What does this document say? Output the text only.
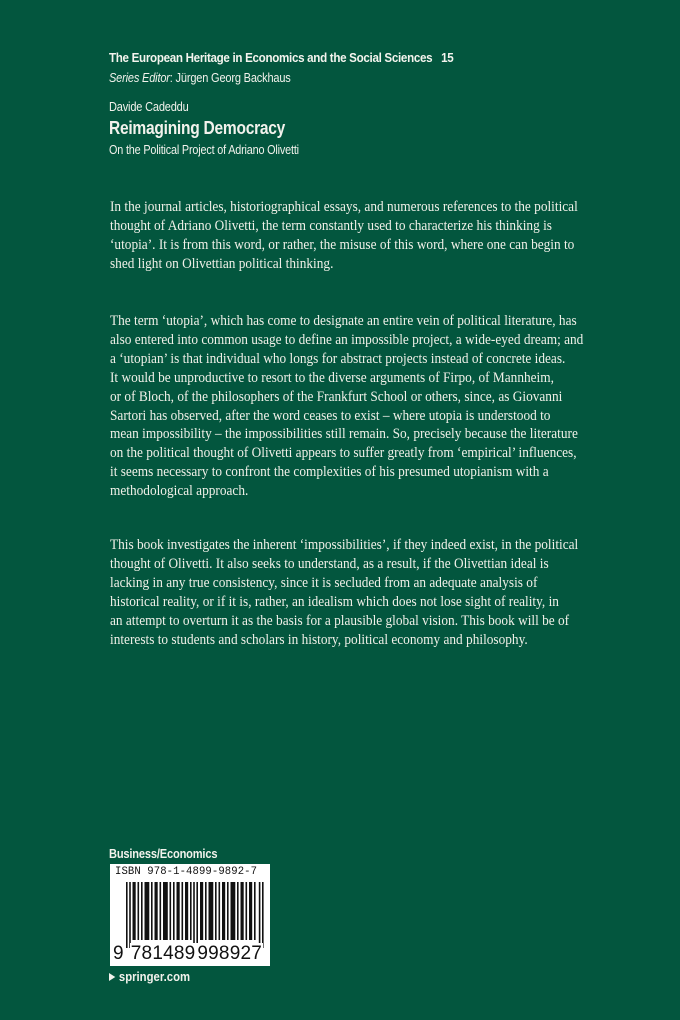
The European Heritage in Economics and the Social Sciences 15
Series Editor: Jürgen Georg Backhaus
Davide Cadeddu
Reimagining Democracy
On the Political Project of Adriano Olivetti

In the journal articles, historiographical essays, and numerous references to the political
thought of Adriano Olivetti, the term constantly used to characterize his thinking is
‘utopia’. It is from this word, or rather, the misuse of this word, where one can begin to
shed light on Olivettian political thinking.

The term ‘utopia’, which has come to designate an entire vein of political literature, has
also entered into common usage to define an impossible project, a wide-eyed dream; and
a ‘utopian’ is that individual who longs for abstract projects instead of concrete ideas.
It would be unproductive to resort to the diverse arguments of Firpo, of Mannheim,
or of Bloch, of the philosophers of the Frankfurt School or others, since, as Giovanni
Sartori has observed, after the word ceases to exist – where utopia is understood to
mean impossibility – the impossibilities still remain. So, precisely because the literature
on the political thought of Olivetti appears to suffer greatly from ‘empirical’ influences,
it seems necessary to confront the complexities of his presumed utopianism with a
methodological approach.

This book investigates the inherent ‘impossibilities’, if they indeed exist, in the political
thought of Olivetti. It also seeks to understand, as a result, if the Olivettian ideal is
lacking in any true consistency, since it is secluded from an adequate analysis of
historical reality, or if it is, rather, an idealism which does not lose sight of reality, in
an attempt to overturn it as the basis for a plausible global vision. This book will be of
interests to students and scholars in history, political economy and philosophy.

Business/Economics
ISBN 978-1-4899-9892-7
9 781489 998927
springer.com
